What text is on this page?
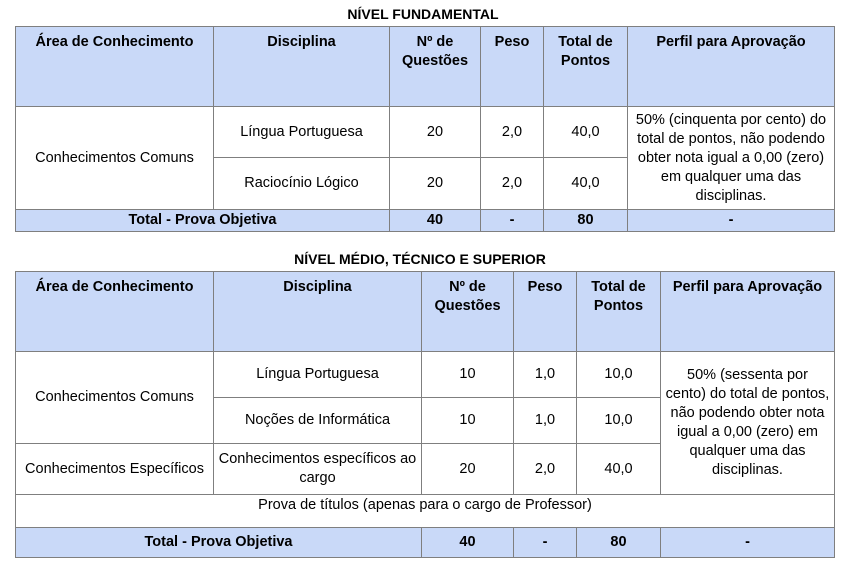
NÍVEL FUNDAMENTAL
Área de Conhecimento	Disciplina	Nº de Questões	Peso	Total de Pontos	Perfil para Aprovação
Conhecimentos Comuns	Língua Portuguesa	20	2,0	40,0	50% (cinquenta por cento) do total de pontos, não podendo obter nota igual a 0,00 (zero) em qualquer uma das disciplinas.
	Raciocínio Lógico	20	2,0	40,0	
Total - Prova Objetiva		40	-	80	-
NÍVEL MÉDIO, TÉCNICO E SUPERIOR
Área de Conhecimento	Disciplina	Nº de Questões	Peso	Total de Pontos	Perfil para Aprovação
Conhecimentos Comuns	Língua Portuguesa	10	1,0	10,0	50% (sessenta por cento) do total de pontos, não podendo obter nota igual a 0,00 (zero) em qualquer uma das disciplinas.
	Noções de Informática	10	1,0	10,0	
Conhecimentos Específicos	Conhecimentos específicos ao cargo	20	2,0	40,0	
Prova de títulos (apenas para o cargo de Professor)					
Total - Prova Objetiva		40	-	80	-
